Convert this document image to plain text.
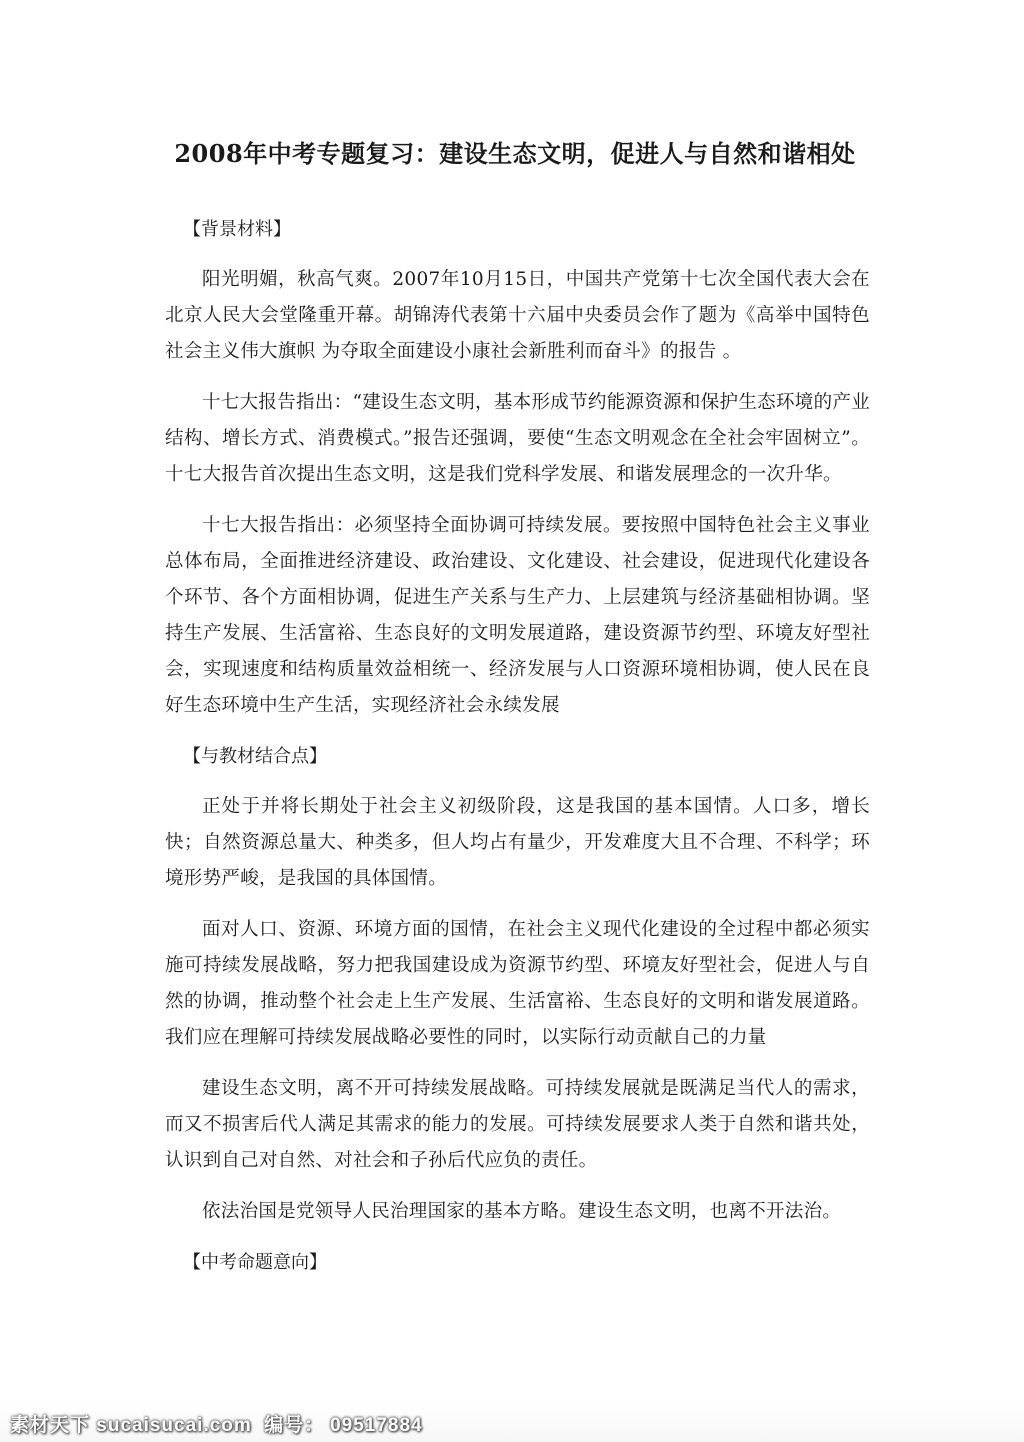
2008年中考专题复习：建设生态文明，促进人与自然和谐相处
【背景材料】

阳光明媚，秋高气爽。2007年10月15日，中国共产党第十七次全国代表大会在北京人民大会堂隆重开幕。胡锦涛代表第十六届中央委员会作了题为《高举中国特色社会主义伟大旗帜 为夺取全面建设小康社会新胜利而奋斗》的报告 。

十七大报告指出：“建设生态文明，基本形成节约能源资源和保护生态环境的产业结构、增长方式、消费模式。”报告还强调，要使“生态文明观念在全社会牢固树立”。十七大报告首次提出生态文明，这是我们党科学发展、和谐发展理念的一次升华。

十七大报告指出：必须坚持全面协调可持续发展。要按照中国特色社会主义事业总体布局，全面推进经济建设、政治建设、文化建设、社会建设，促进现代化建设各个环节、各个方面相协调，促进生产关系与生产力、上层建筑与经济基础相协调。坚持生产发展、生活富裕、生态良好的文明发展道路，建设资源节约型、环境友好型社会，实现速度和结构质量效益相统一、经济发展与人口资源环境相协调，使人民在良好生态环境中生产生活，实现经济社会永续发展

【与教材结合点】

正处于并将长期处于社会主义初级阶段，这是我国的基本国情。人口多，增长快；自然资源总量大、种类多，但人均占有量少，开发难度大且不合理、不科学；环境形势严峻，是我国的具体国情。

面对人口、资源、环境方面的国情，在社会主义现代化建设的全过程中都必须实施可持续发展战略，努力把我国建设成为资源节约型、环境友好型社会，促进人与自然的协调，推动整个社会走上生产发展、生活富裕、生态良好的文明和谐发展道路。我们应在理解可持续发展战略必要性的同时，以实际行动贡献自己的力量

建设生态文明，离不开可持续发展战略。可持续发展就是既满足当代人的需求，而又不损害后代人满足其需求的能力的发展。可持续发展要求人类于自然和谐共处，认识到自己对自然、对社会和子孙后代应负的责任。

依法治国是党领导人民治理国家的基本方略。建设生态文明，也离不开法治。

【中考命题意向】
素材天下 sucaisucai.com 编号： 09517884
